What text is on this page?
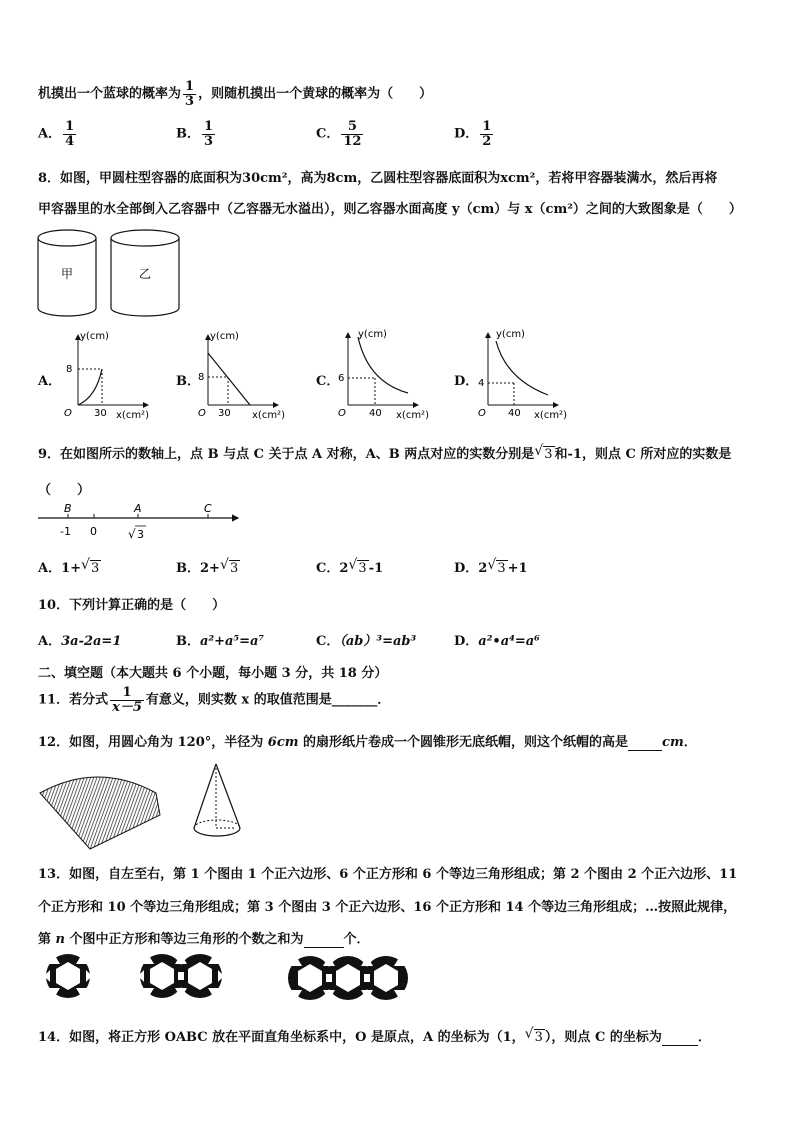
机摸出一个蓝球的概率为 $\frac{1}{3}$ ，则随机摸出一个黄球的概率为（　　）
A． $\frac{1}{4}$	B． $\frac{1}{3}$	C． $\frac{5}{12}$	D． $\frac{1}{2}$
8．如图，甲圆柱型容器的底面积为30cm²，高为8cm，乙圆柱型容器底面积为xcm²，若将甲容器装满水，然后再将
甲容器里的水全部倒入乙容器中（乙容器无水溢出），则乙容器水面高度 y（cm）与 x（cm²）之间的大致图象是（　　）
甲	乙
A．
y(cm)
x(cm²)
8
30
O
B．
y(cm)
x(cm²)
8
30
O
C．
y(cm)
x(cm²)
6
40
O
D．
y(cm)
x(cm²)
4
40
O
9．在如图所示的数轴上，点 B 与点 C 关于点 A 对称，A、B 两点对应的实数分别是 √ 3 和-1，则点 C 所对应的实数是
（　　）
B	A	C
-1 0	√ 3
A．1+ √ 3	B．2+ √ 3	C．2 √ 3 -1	D．2 √ 3 +1
10．下列计算正确的是（　　）
A．3a-2a=1	B．a²+a⁵=a⁷	C．（ab）³=ab³	D．a²•a⁴=a⁶
二、填空题（本大题共 6 个小题，每小题 3 分，共 18 分）
11．若分式 $\frac{1}{x-5}$ 有意义，则实数 x 的取值范围是_______．
12．如图，用圆心角为 120°，半径为 6cm 的扇形纸片卷成一个圆锥形无底纸帽，则这个纸帽的高是	cm．
13．如图，自左至右，第 1 个图由 1 个正六边形、6 个正方形和 6 个等边三角形组成；第 2 个图由 2 个正六边形、11
个正方形和 10 个等边三角形组成；第 3 个图由 3 个正六边形、16 个正方形和 14 个等边三角形组成；…按照此规律，
第 n 个图中正方形和等边三角形的个数之和为	个．
...
14．如图，将正方形 OABC 放在平面直角坐标系中，O 是原点，A 的坐标为（1， √ 3 ），则点 C 的坐标为	．
